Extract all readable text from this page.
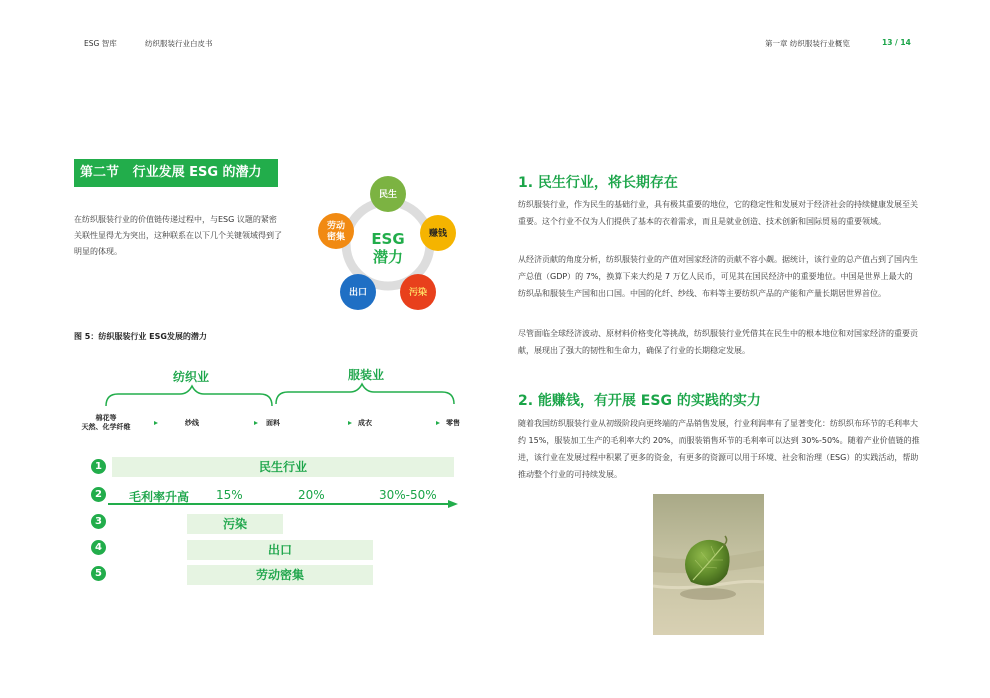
ESG 智库	纺织服装行业白皮书	第一章 纺织服装行业概览	13 / 14
第二节   行业发展 ESG 的潜力
在纺织服装行业的价值链传递过程中，与ESG 议题的紧密关联性显得尤为突出，这种联系在以下几个关键领域得到了明显的体现。
民生
赚钱
污染
出口
劳动密集 ESG
潜力
图 5：纺织服装行业 ESG发展的潜力
纺织业	服装业
棉花等
天然、化学纤维	纱线	面料	成衣	零售
1	民生行业
2	毛利率升高 15%	20%	30%-50%
3	污染
4	出口
5	劳动密集
1. 民生行业，将长期存在
纺织服装行业，作为民生的基础行业，具有极其重要的地位，它的稳定性和发展对于经济社会的持续健康发展至关重要。这个行业不仅为人们提供了基本的衣着需求，而且是就业创造、技术创新和国际贸易的重要领域。
从经济贡献的角度分析，纺织服装行业的产值对国家经济的贡献不容小觑。据统计，该行业的总产值占到了国内生产总值（GDP）的 7%，换算下来大约是 7 万亿人民币，可见其在国民经济中的重要地位。中国是世界上最大的纺织品和服装生产国和出口国。中国的化纤、纱线、布料等主要纺织产品的产能和产量长期居世界首位。
尽管面临全球经济波动、原材料价格变化等挑战，纺织服装行业凭借其在民生中的根本地位和对国家经济的重要贡献，展现出了强大的韧性和生命力，确保了行业的长期稳定发展。
2. 能赚钱，有开展 ESG 的实践的实力
随着我国纺织服装行业从初级阶段向更终端的产品销售发展，行业利润率有了显著变化：纺织织布环节的毛利率大约 15%，服装加工生产的毛利率大约 20%，而服装销售环节的毛利率可以达到 30%-50%。随着产业价值链的推进，该行业在发展过程中积累了更多的资金，有更多的资源可以用于环境、社会和治理（ESG）的实践活动，帮助推动整个行业的可持续发展。
